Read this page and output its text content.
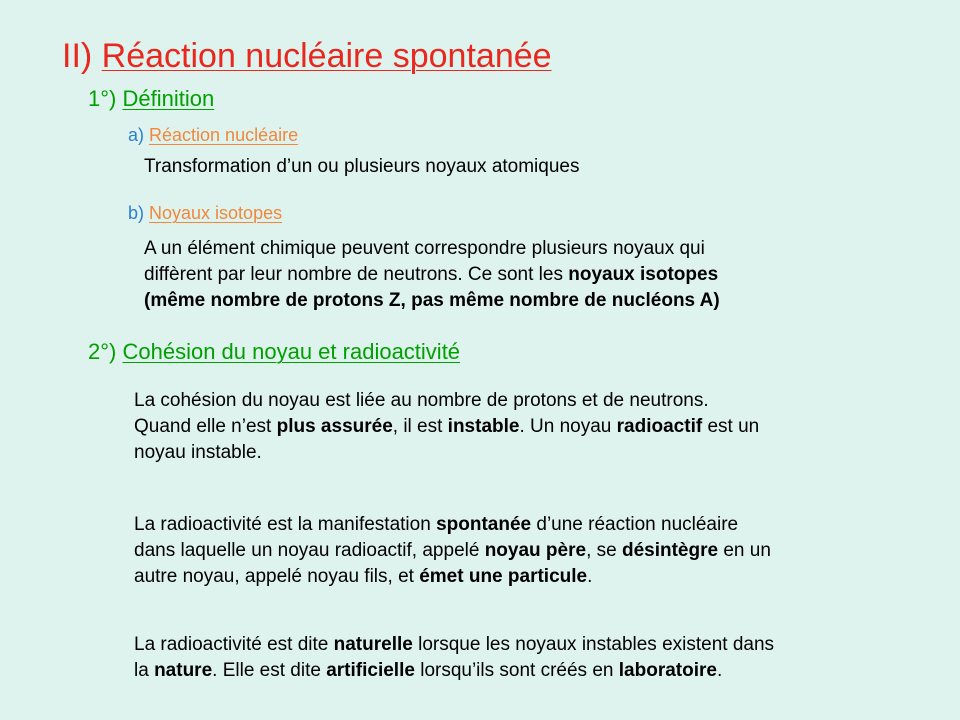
II) Réaction nucléaire spontanée
1°) Définition
a) Réaction nucléaire

Transformation d’un ou plusieurs noyaux atomiques

b) Noyaux isotopes
A un élément chimique peuvent correspondre plusieurs noyaux qui
diffèrent par leur nombre de neutrons. Ce sont les noyaux isotopes
(même nombre de protons Z, pas même nombre de nucléons A)
2°) Cohésion du noyau et radioactivité
La cohésion du noyau est liée au nombre de protons et de neutrons.
Quand elle n’est plus assurée, il est instable. Un noyau radioactif est un
noyau instable.
La radioactivité est la manifestation spontanée d’une réaction nucléaire
dans laquelle un noyau radioactif, appelé noyau père, se désintègre en un
autre noyau, appelé noyau fils, et émet une particule.
La radioactivité est dite naturelle lorsque les noyaux instables existent dans
la nature. Elle est dite artificielle lorsqu’ils sont créés en laboratoire.
